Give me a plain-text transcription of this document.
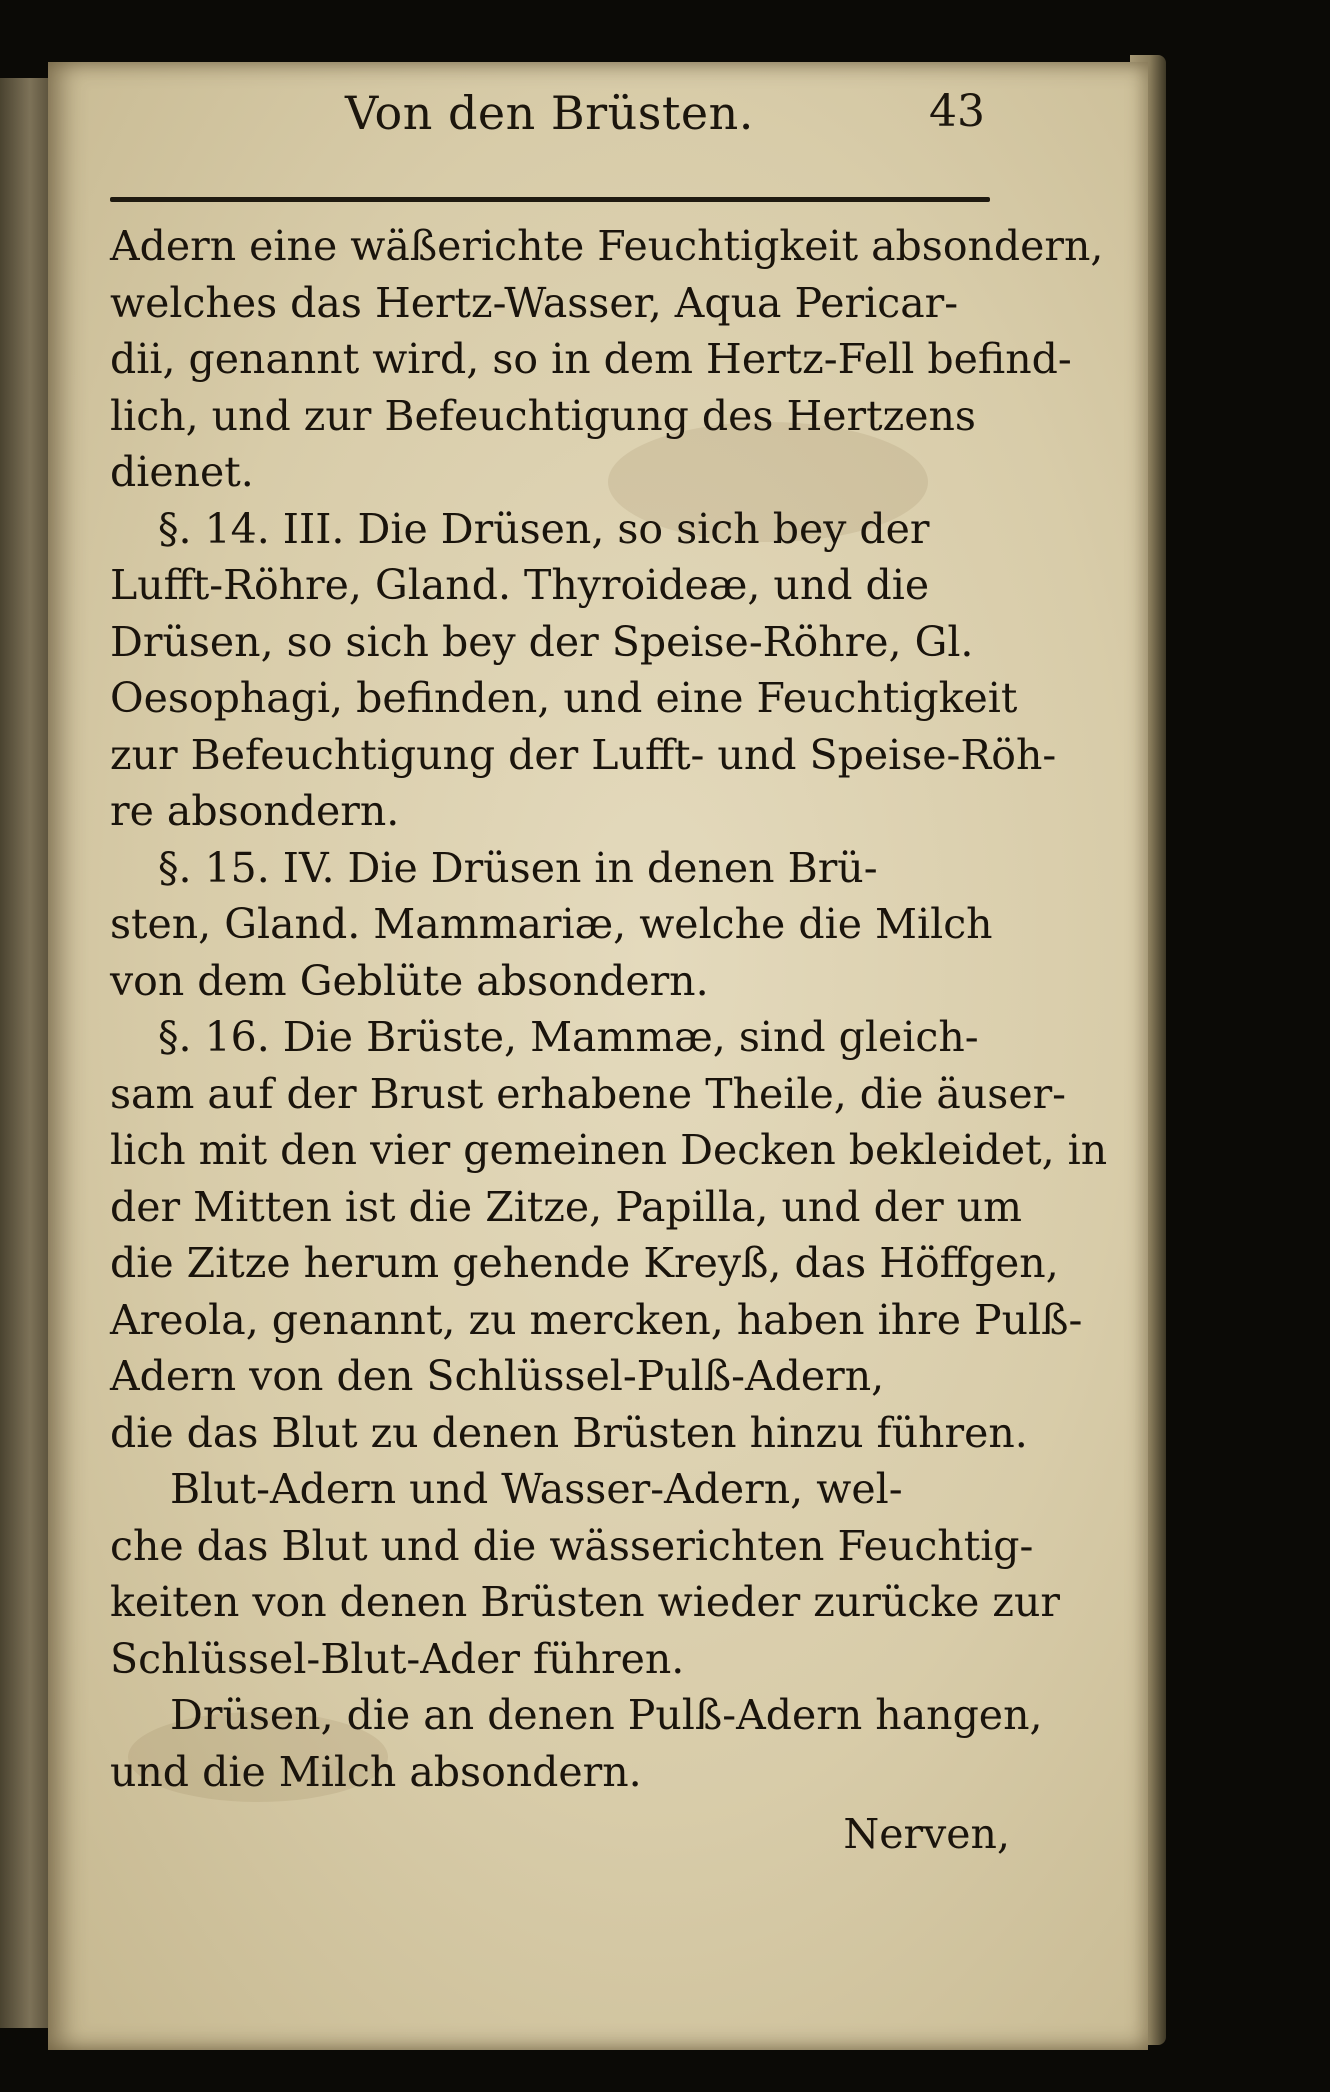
Von den Brüsten.	43
Adern eine wäßerichte Feuchtigkeit absondern,
welches das Hertz-Wasser, Aqua Pericar-
dii, genannt wird, so in dem Hertz-Fell befind-
lich, und zur Befeuchtigung des Hertzens
dienet.
§. 14. III. Die Drüsen, so sich bey der
Lufft-Röhre, Gland. Thyroideæ, und die
Drüsen, so sich bey der Speise-Röhre, Gl.
Oesophagi, befinden, und eine Feuchtigkeit
zur Befeuchtigung der Lufft- und Speise-Röh-
re absondern.
§. 15. IV. Die Drüsen in denen Brü-
sten, Gland. Mammariæ, welche die Milch
von dem Geblüte absondern.
§. 16. Die Brüste, Mammæ, sind gleich-
sam auf der Brust erhabene Theile, die äuser-
lich mit den vier gemeinen Decken bekleidet, in
der Mitten ist die Zitze, Papilla, und der um
die Zitze herum gehende Kreyß, das Höffgen,
Areola, genannt, zu mercken, haben ihre Pulß-
Adern von den Schlüssel-Pulß-Adern,
die das Blut zu denen Brüsten hinzu führen.
Blut-Adern und Wasser-Adern, wel-
che das Blut und die wässerichten Feuchtig-
keiten von denen Brüsten wieder zurücke zur
Schlüssel-Blut-Ader führen.
Drüsen, die an denen Pulß-Adern hangen,
und die Milch absondern.
Nerven,
